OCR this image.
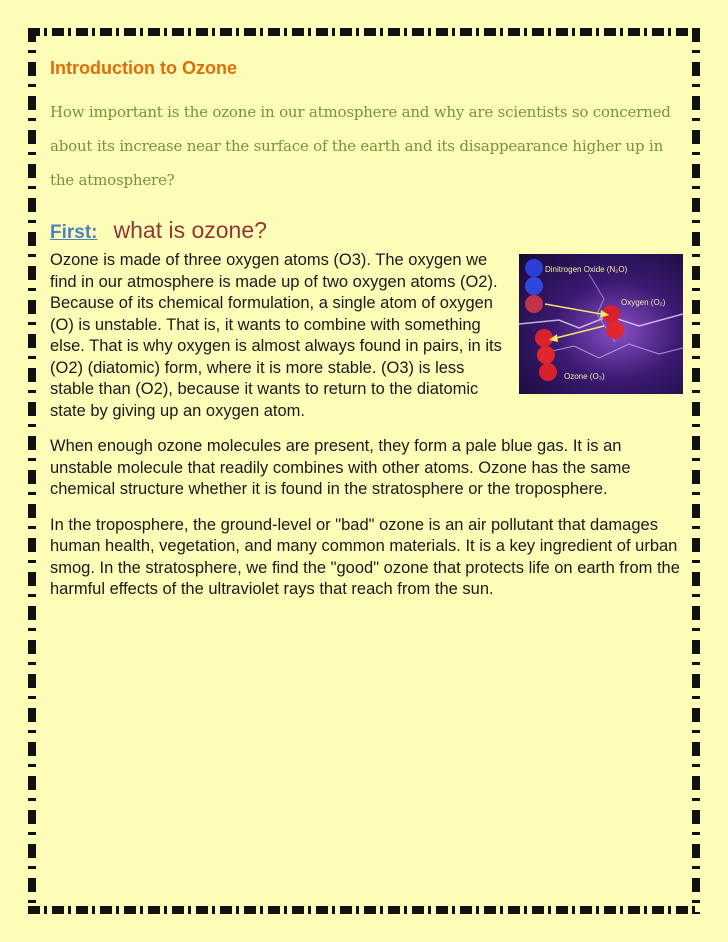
Introduction to Ozone
How important is the ozone in our atmosphere and why are scientists so concerned about its increase near the surface of the earth and its disappearance higher up in the atmosphere?
First: what is ozone?
Dinitrogen Oxide (N₂O)
Oxygen (O₂)
Ozone (O₃)

Ozone is made of three oxygen atoms (O3). The oxygen we find in our atmosphere is made up of two oxygen atoms (O2). Because of its chemical formulation, a single atom of oxygen (O) is unstable. That is, it wants to combine with something else. That is why oxygen is almost always found in pairs, in its (O2) (diatomic) form, where it is more stable. (O3) is less stable than (O2), because it wants to return to the diatomic state by giving up an oxygen atom.

When enough ozone molecules are present, they form a pale blue gas. It is an unstable molecule that readily combines with other atoms. Ozone has the same chemical structure whether it is found in the stratosphere or the troposphere.

In the troposphere, the ground-level or "bad" ozone is an air pollutant that damages human health, vegetation, and many common materials. It is a key ingredient of urban smog. In the stratosphere, we find the "good" ozone that protects life on earth from the harmful effects of the ultraviolet rays that reach from the sun.
